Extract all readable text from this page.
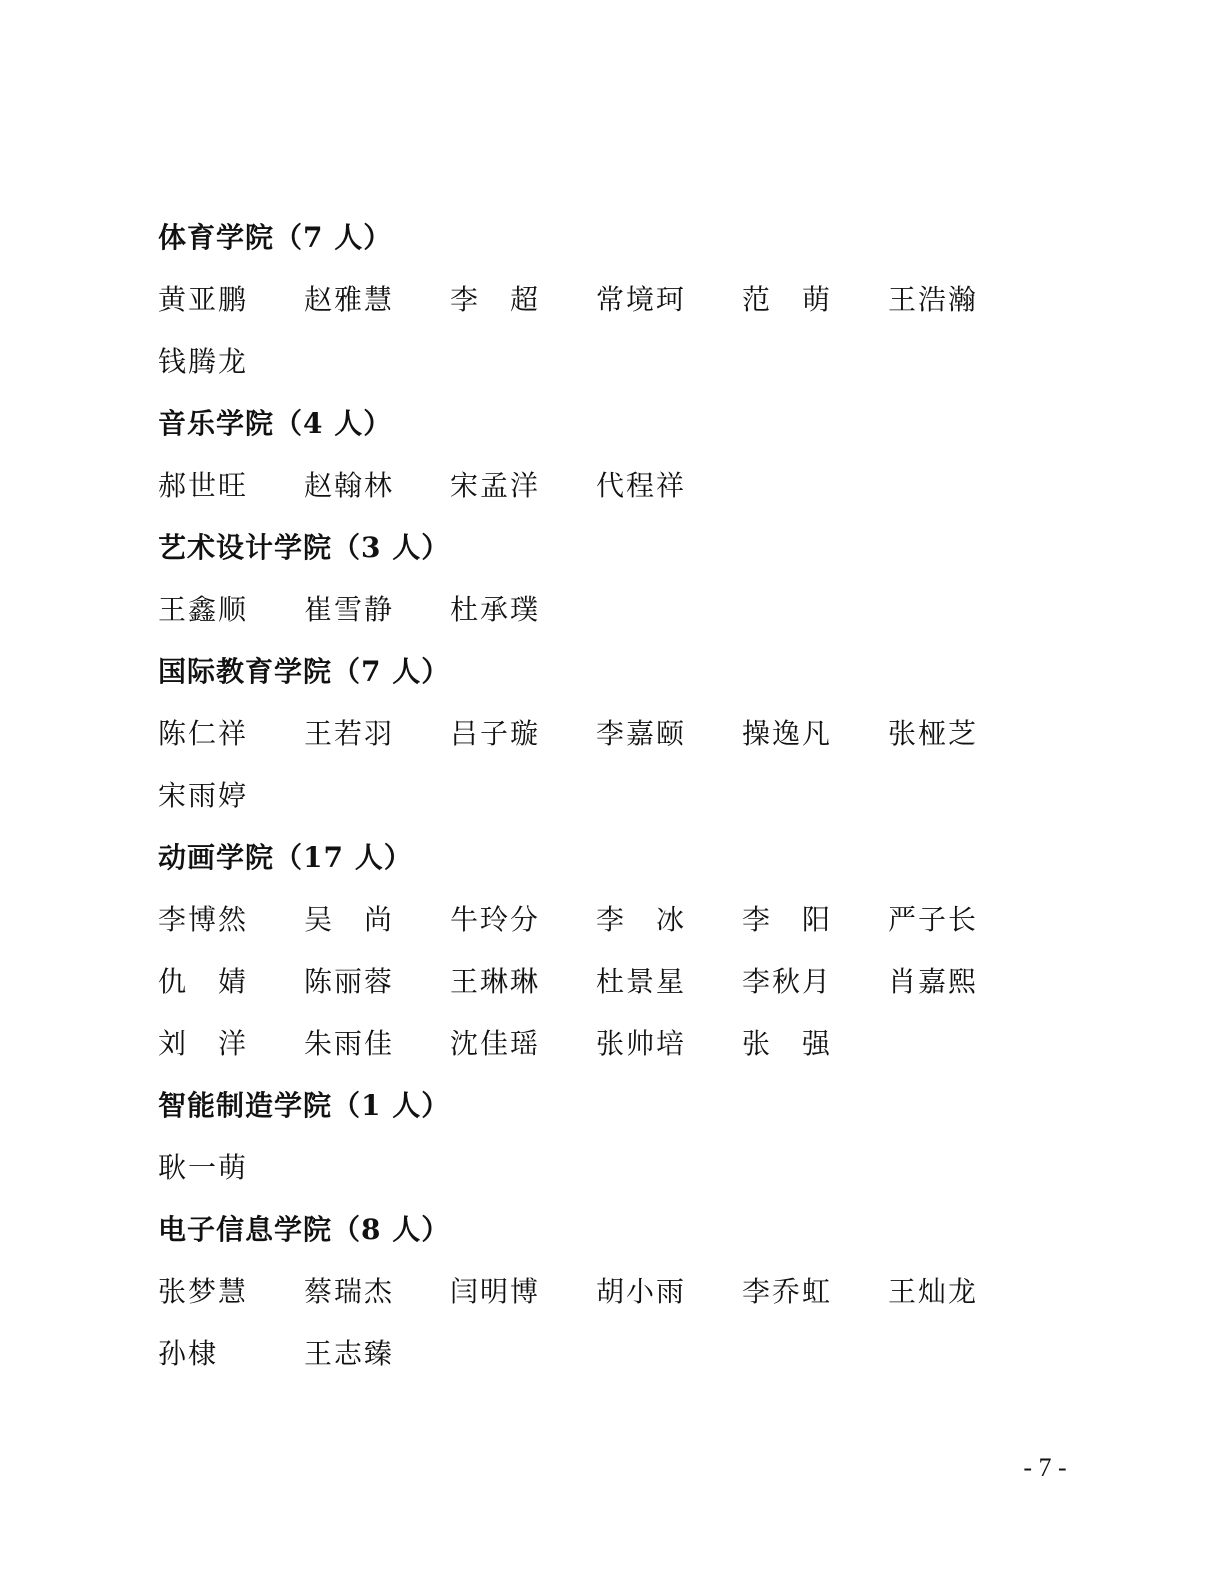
体育学院（7 人）
黄亚鹏 赵雅慧 李　超 常境珂 范　萌 王浩瀚
钱腾龙
音乐学院（4 人）
郝世旺 赵翰林 宋孟洋 代程祥
艺术设计学院（3 人）
王鑫顺 崔雪静 杜承璞
国际教育学院（7 人）
陈仁祥 王若羽 吕子璇 李嘉颐 操逸凡 张桠芝
宋雨婷
动画学院（17 人）
李博然 吴　尚 牛玲分 李　冰 李　阳 严子长
仇　婧 陈丽蓉 王琳琳 杜景星 李秋月 肖嘉熙
刘　洋 朱雨佳 沈佳瑶 张帅培 张　强
智能制造学院（1 人）
耿一萌
电子信息学院（8 人）
张梦慧 蔡瑞杰 闫明博 胡小雨 李乔虹 王灿龙
孙棣	王志臻
- 7 -
